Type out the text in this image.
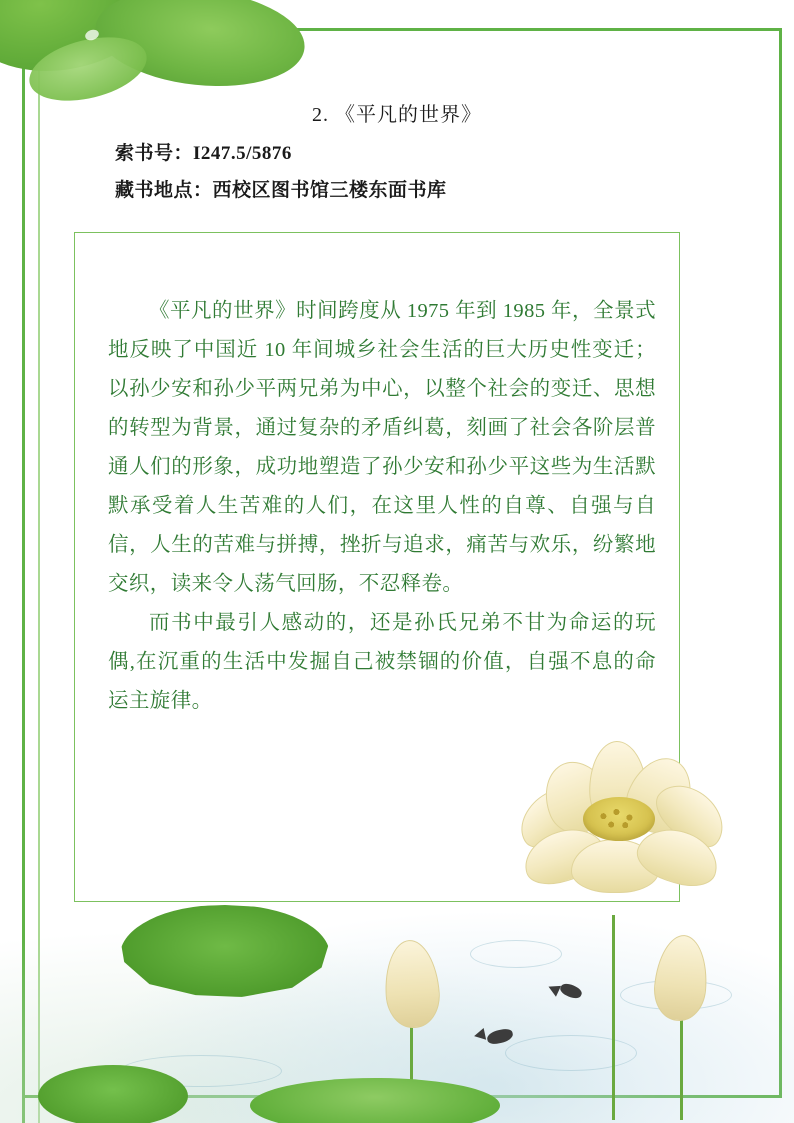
2. 《平凡的世界》
索书号：I247.5/5876
藏书地点：西校区图书馆三楼东面书库

《平凡的世界》时间跨度从 1975 年到 1985 年，全景式地反映了中国近 10 年间城乡社会生活的巨大历史性变迁；以孙少安和孙少平两兄弟为中心，以整个社会的变迁、思想的转型为背景，通过复杂的矛盾纠葛，刻画了社会各阶层普通人们的形象，成功地塑造了孙少安和孙少平这些为生活默默承受着人生苦难的人们，在这里人性的自尊、自强与自信，人生的苦难与拼搏，挫折与追求，痛苦与欢乐，纷繁地交织，读来令人荡气回肠，不忍释卷。

而书中最引人感动的，还是孙氏兄弟不甘为命运的玩偶,在沉重的生活中发掘自己被禁锢的价值，自强不息的命运主旋律。
